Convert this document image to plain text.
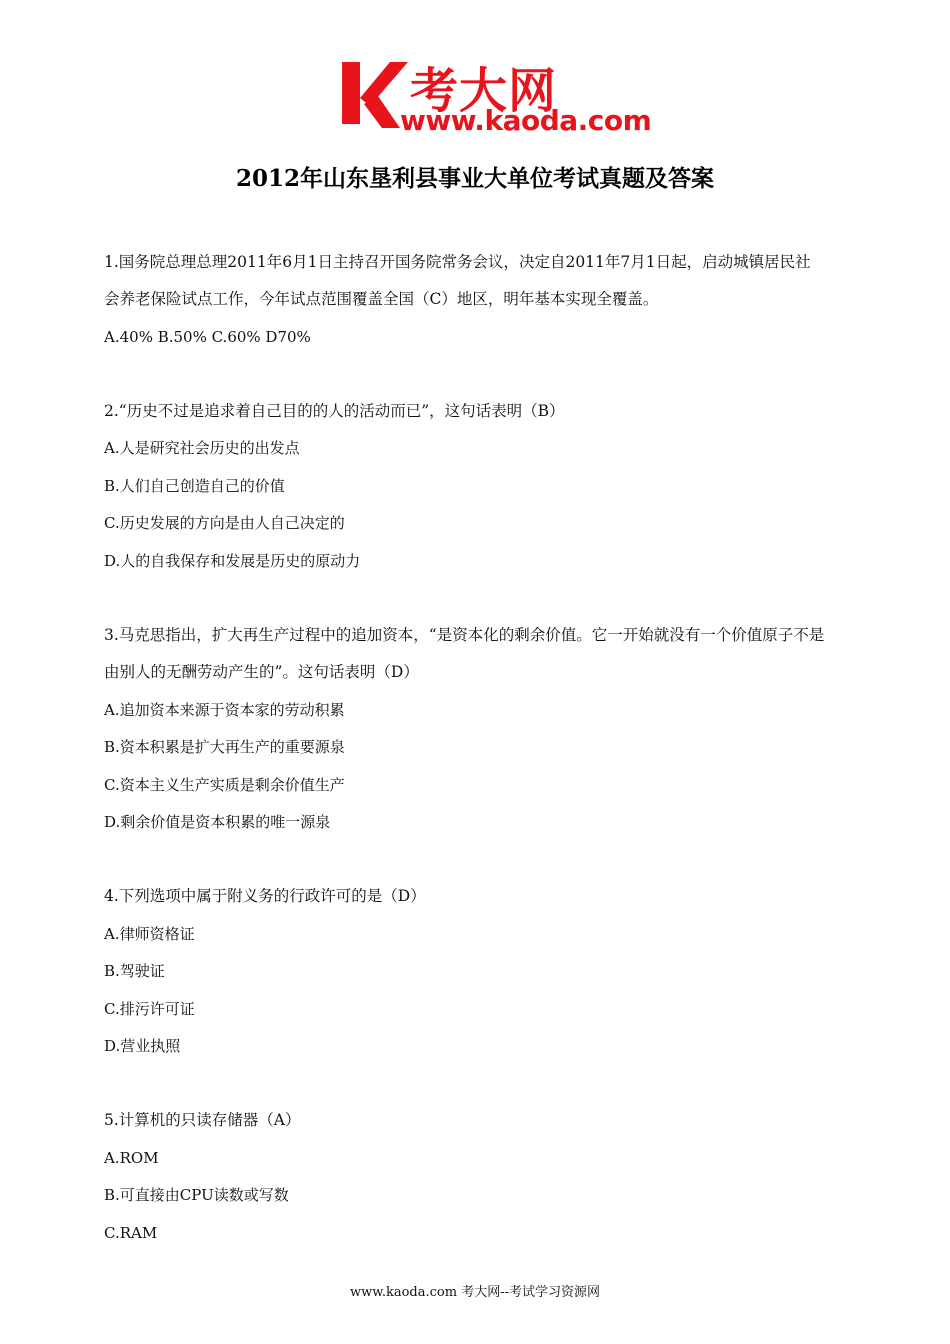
考大网
www.kaoda.com
2012年山东垦利县事业大单位考试真题及答案
1.国务院总理总理2011年6月1日主持召开国务院常务会议，决定自2011年7月1日起，启动城镇居民社
会养老保险试点工作，今年试点范围覆盖全国（C）地区，明年基本实现全覆盖。
A.40% B.50% C.60% D70%
2.“历史不过是追求着自己目的的人的活动而已”，这句话表明（B）
A.人是研究社会历史的出发点
B.人们自己创造自己的价值
C.历史发展的方向是由人自己决定的
D.人的自我保存和发展是历史的原动力
3.马克思指出，扩大再生产过程中的追加资本，“是资本化的剩余价值。它一开始就没有一个价值原子不是
由别人的无酬劳动产生的”。这句话表明（D）
A.追加资本来源于资本家的劳动积累
B.资本积累是扩大再生产的重要源泉
C.资本主义生产实质是剩余价值生产
D.剩余价值是资本积累的唯一源泉
4.下列选项中属于附义务的行政许可的是（D）
A.律师资格证
B.驾驶证
C.排污许可证
D.营业执照
5.计算机的只读存储器（A）
A.ROM
B.可直接由CPU读数或写数
C.RAM
www.kaoda.com 考大网--考试学习资源网
